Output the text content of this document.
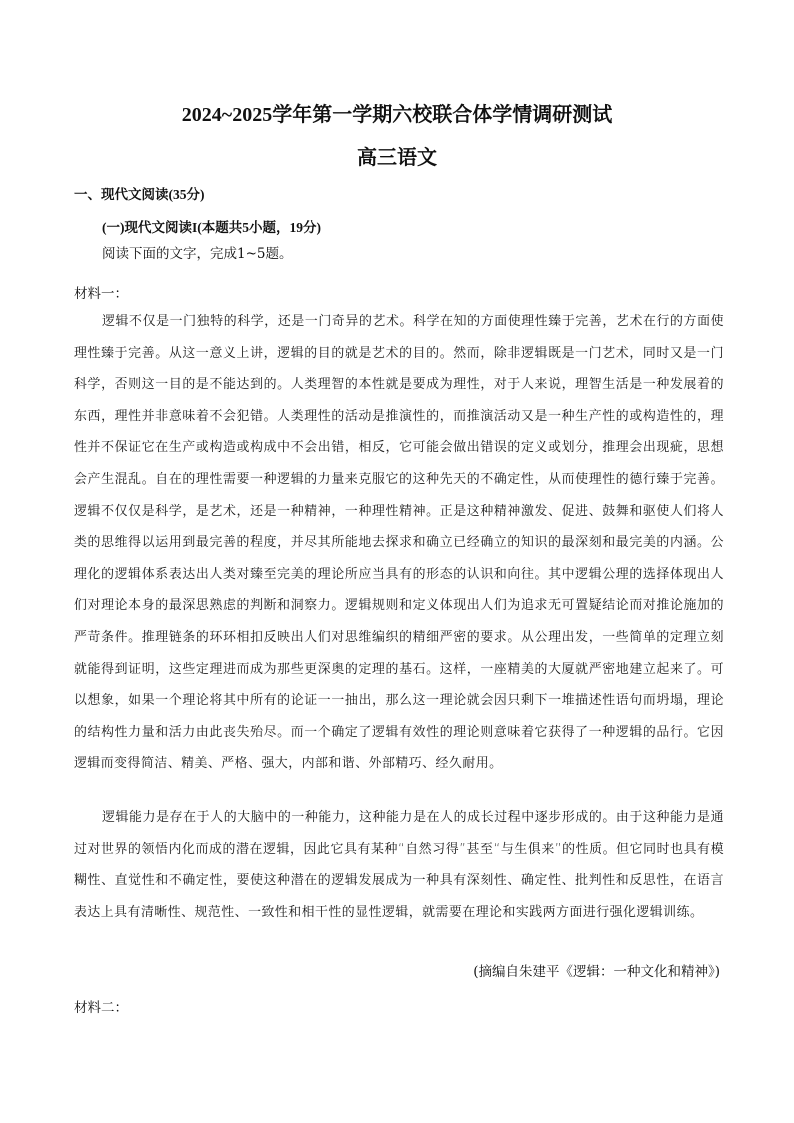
2024~2025学年第一学期六校联合体学情调研测试
高三语文
一、现代文阅读(35分)
(一)现代文阅读I(本题共5小题，19分)
阅读下面的文字，完成1~5题。
材料一：

逻辑不仅是一门独特的科学，还是一门奇异的艺术。科学在知的方面使理性臻于完善，艺术在行的方面使理性臻于完善。从这一意义上讲，逻辑的目的就是艺术的目的。然而，除非逻辑既是一门艺术，同时又是一门科学，否则这一目的是不能达到的。人类理智的本性就是要成为理性，对于人来说，理智生活是一种发展着的东西，理性并非意味着不会犯错。人类理性的活动是推演性的，而推演活动又是一种生产性的或构造性的，理性并不保证它在生产或构造或构成中不会出错，相反，它可能会做出错误的定义或划分，推理会出现疵，思想会产生混乱。自在的理性需要一种逻辑的力量来克服它的这种先天的不确定性，从而使理性的德行臻于完善。逻辑不仅仅是科学，是艺术，还是一种精神，一种理性精神。正是这种精神激发、促进、鼓舞和驱使人们将人类的思维得以运用到最完善的程度，并尽其所能地去探求和确立已经确立的知识的最深刻和最完美的内涵。公理化的逻辑体系表达出人类对臻至完美的理论所应当具有的形态的认识和向往。其中逻辑公理的选择体现出人们对理论本身的最深思熟虑的判断和洞察力。逻辑规则和定义体现出人们为追求无可置疑结论而对推论施加的严苛条件。推理链条的环环相扣反映出人们对思维编织的精细严密的要求。从公理出发，一些简单的定理立刻就能得到证明，这些定理进而成为那些更深奥的定理的基石。这样，一座精美的大厦就严密地建立起来了。可以想象，如果一个理论将其中所有的论证一一抽出，那么这一理论就会因只剩下一堆描述性语句而坍塌，理论的结构性力量和活力由此丧失殆尽。而一个确定了逻辑有效性的理论则意味着它获得了一种逻辑的品行。它因逻辑而变得简洁、精美、严格、强大，内部和谐、外部精巧、经久耐用。

逻辑能力是存在于人的大脑中的一种能力，这种能力是在人的成长过程中逐步形成的。由于这种能力是通过对世界的领悟内化而成的潜在逻辑，因此它具有某种“自然习得”甚至“与生俱来”的性质。但它同时也具有模糊性、直觉性和不确定性，要使这种潜在的逻辑发展成为一种具有深刻性、确定性、批判性和反思性，在语言表达上具有清晰性、规范性、一致性和相干性的显性逻辑，就需要在理论和实践两方面进行强化逻辑训练。

(摘编自朱建平《逻辑：一种文化和精神》)
材料二：
